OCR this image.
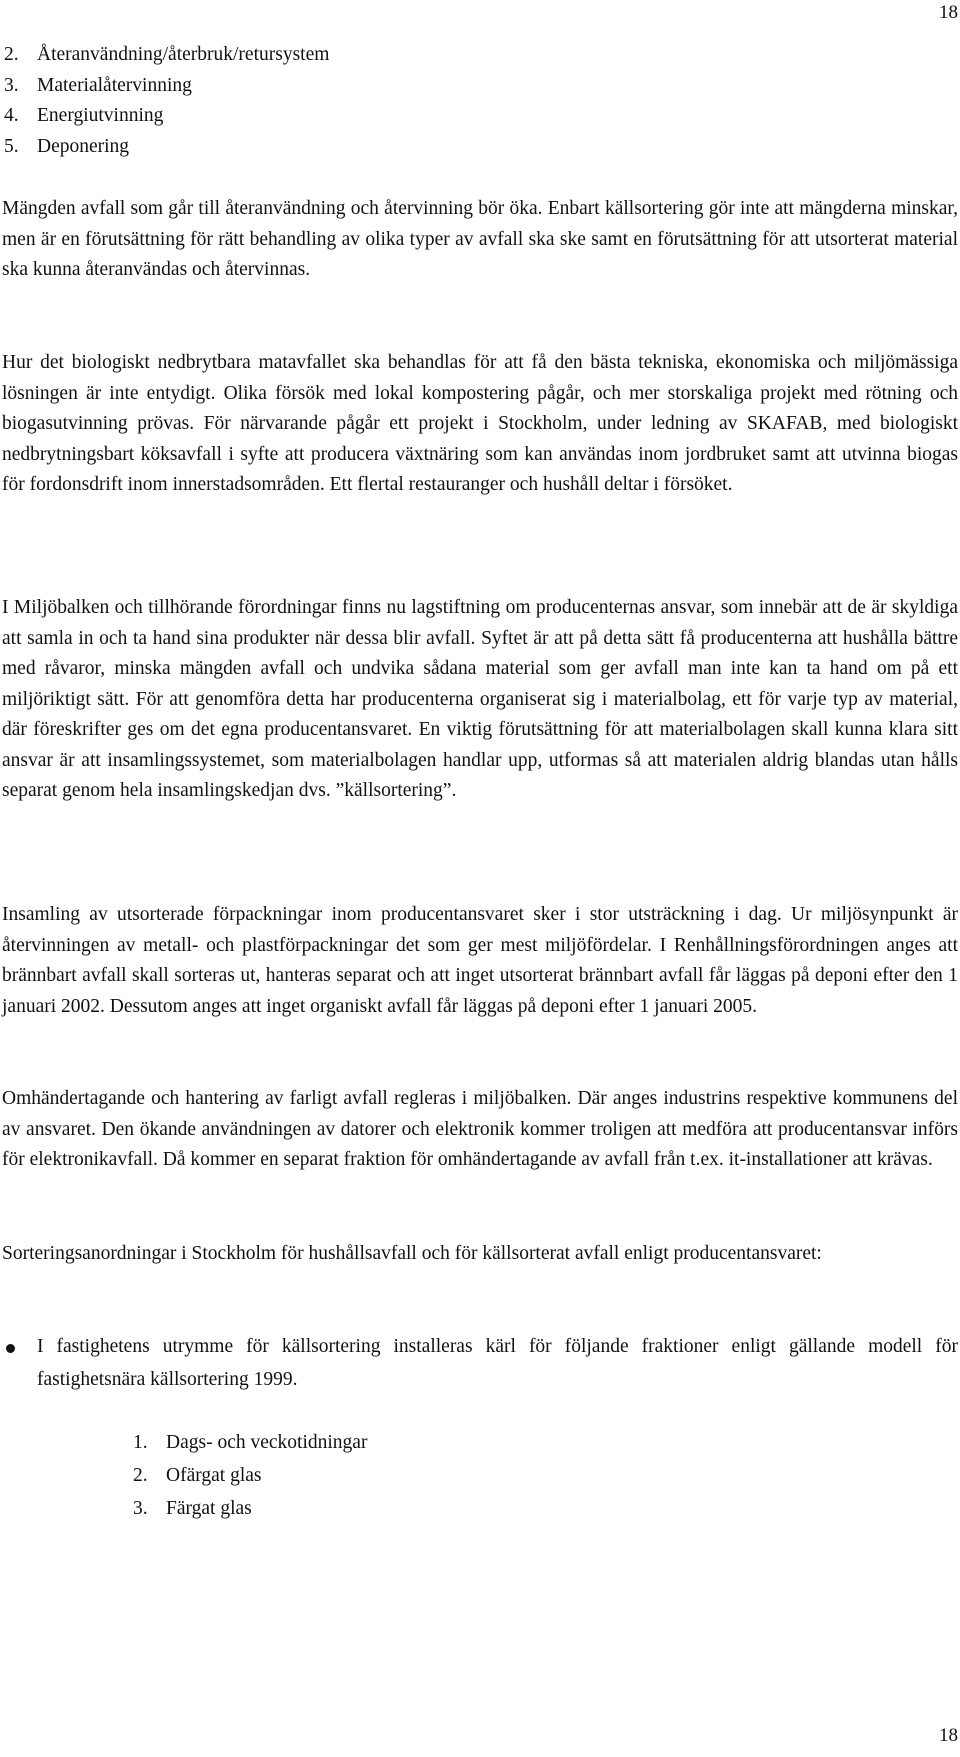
18
2. Återanvändning/återbruk/retursystem
3. Materialåtervinning
4. Energiutvinning
5. Deponering

Mängden avfall som går till återanvändning och återvinning bör öka. Enbart källsortering gör inte att mängderna minskar, men är en förutsättning för rätt behandling av olika typer av avfall ska ske samt en förutsättning för att utsorterat material ska kunna återanvändas och återvinnas.

Hur det biologiskt nedbrytbara matavfallet ska behandlas för att få den bästa tekniska, ekonomiska och miljömässiga lösningen är inte entydigt. Olika försök med lokal kompostering pågår, och mer storskaliga projekt med rötning och biogasutvinning prövas. För närvarande pågår ett projekt i Stockholm, under ledning av SKAFAB, med biologiskt nedbrytningsbart köksavfall i syfte att producera växtnäring som kan användas inom jordbruket samt att utvinna biogas för fordonsdrift inom innerstadsområden. Ett flertal restauranger och hushåll deltar i försöket.

I Miljöbalken och tillhörande förordningar finns nu lagstiftning om producenternas ansvar, som innebär att de är skyldiga att samla in och ta hand sina produkter när dessa blir avfall. Syftet är att på detta sätt få producenterna att hushålla bättre med råvaror, minska mängden avfall och undvika sådana material som ger avfall man inte kan ta hand om på ett miljöriktigt sätt. För att genomföra detta har producenterna organiserat sig i materialbolag, ett för varje typ av material, där föreskrifter ges om det egna producentansvaret. En viktig förutsättning för att materialbolagen skall kunna klara sitt ansvar är att insamlingssystemet, som materialbolagen handlar upp, utformas så att materialen aldrig blandas utan hålls separat genom hela insamlingskedjan dvs. ”källsortering”.

Insamling av utsorterade förpackningar inom producentansvaret sker i stor utsträckning i dag. Ur miljösynpunkt är återvinningen av metall- och plastförpackningar det som ger mest miljöfördelar. I Renhållningsförordningen anges att brännbart avfall skall sorteras ut, hanteras separat och att inget utsorterat brännbart avfall får läggas på deponi efter den 1 januari 2002. Dessutom anges att inget organiskt avfall får läggas på deponi efter 1 januari 2005.

Omhändertagande och hantering av farligt avfall regleras i miljöbalken. Där anges industrins respektive kommunens del av ansvaret. Den ökande användningen av datorer och elektronik kommer troligen att medföra att producentansvar införs för elektronikavfall. Då kommer en separat fraktion för omhändertagande av avfall från t.ex. it-installationer att krävas.

Sorteringsanordningar i Stockholm för hushållsavfall och för källsorterat avfall enligt producentansvaret:

I fastighetens utrymme för källsortering installeras kärl för följande fraktioner enligt gällande modell för fastighetsnära källsortering 1999.
1. Dags- och veckotidningar
2. Ofärgat glas
3. Färgat glas
18
